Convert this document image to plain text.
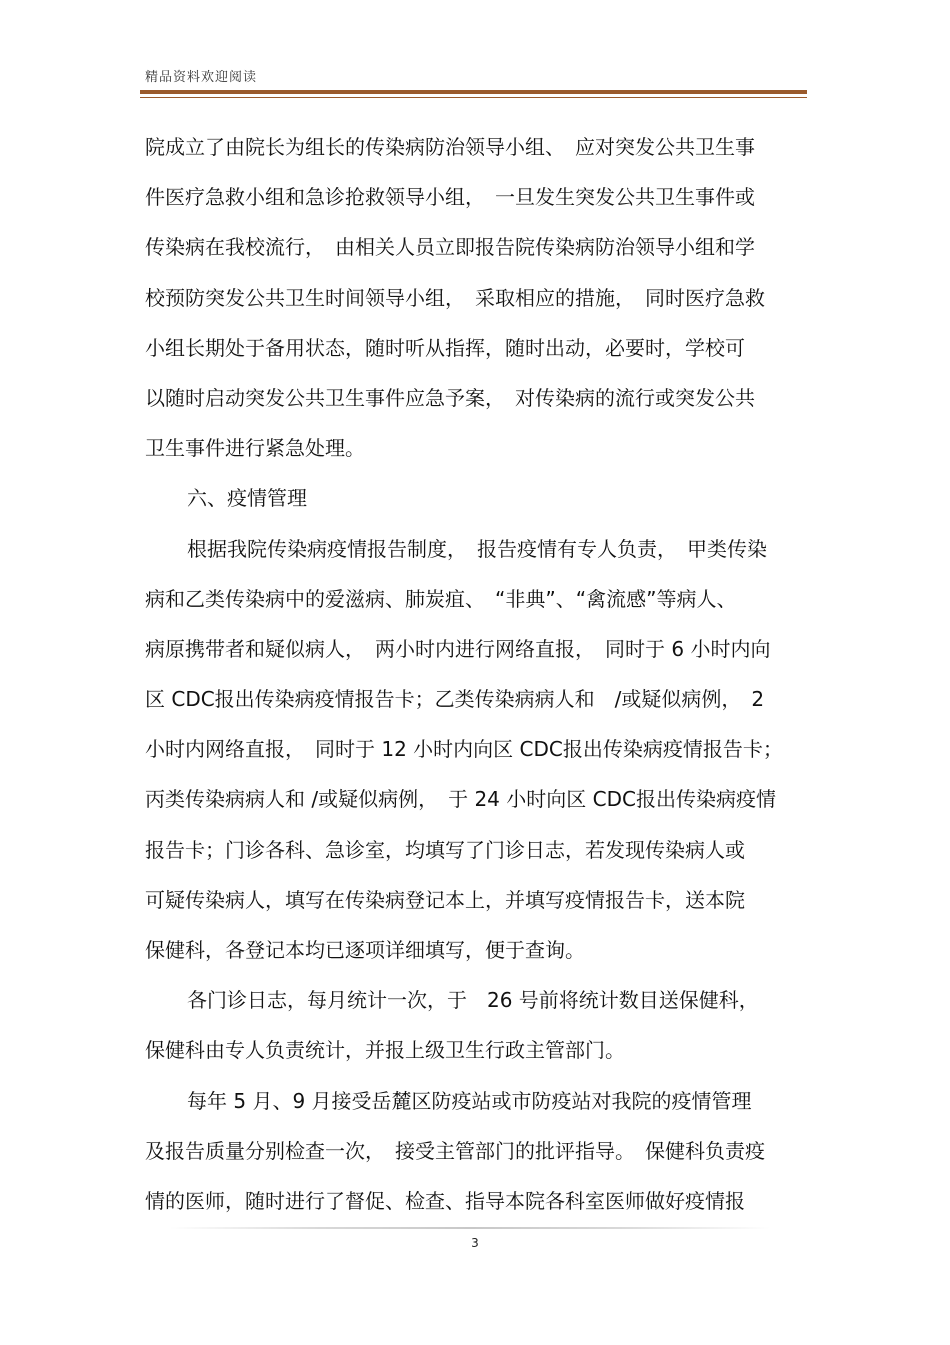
精品资料欢迎阅读
院成立了由院长为组长的传染病防治领导小组、　应对突发公共卫生事
件医疗急救小组和急诊抢救领导小组，　一旦发生突发公共卫生事件或
传染病在我校流行，　由相关人员立即报告院传染病防治领导小组和学
校预防突发公共卫生时间领导小组，　采取相应的措施，　同时医疗急救
小组长期处于备用状态，随时听从指挥，随时出动，必要时，学校可
以随时启动突发公共卫生事件应急予案，　对传染病的流行或突发公共
卫生事件进行紧急处理。
六、疫情管理
根据我院传染病疫情报告制度，　报告疫情有专人负责，　甲类传染
病和乙类传染病中的爱滋病、肺炭疽、　“非典”、“禽流感”等病人、
病原携带者和疑似病人，　两小时内进行网络直报，　同时于 6 小时内向
区 CDC报出传染病疫情报告卡；乙类传染病病人和　/或疑似病例，　2
小时内网络直报，　同时于 12 小时内向区 CDC报出传染病疫情报告卡；
丙类传染病病人和 /或疑似病例，　于 24 小时向区 CDC报出传染病疫情
报告卡；门诊各科、急诊室，均填写了门诊日志，若发现传染病人或
可疑传染病人，填写在传染病登记本上，并填写疫情报告卡，送本院
保健科，各登记本均已逐项详细填写，便于查询。
各门诊日志，每月统计一次，于　26 号前将统计数目送保健科，
保健科由专人负责统计，并报上级卫生行政主管部门。
每年 5 月、9 月接受岳麓区防疫站或市防疫站对我院的疫情管理
及报告质量分别检查一次，　接受主管部门的批评指导。　保健科负责疫
情的医师，随时进行了督促、检查、指导本院各科室医师做好疫情报
3
